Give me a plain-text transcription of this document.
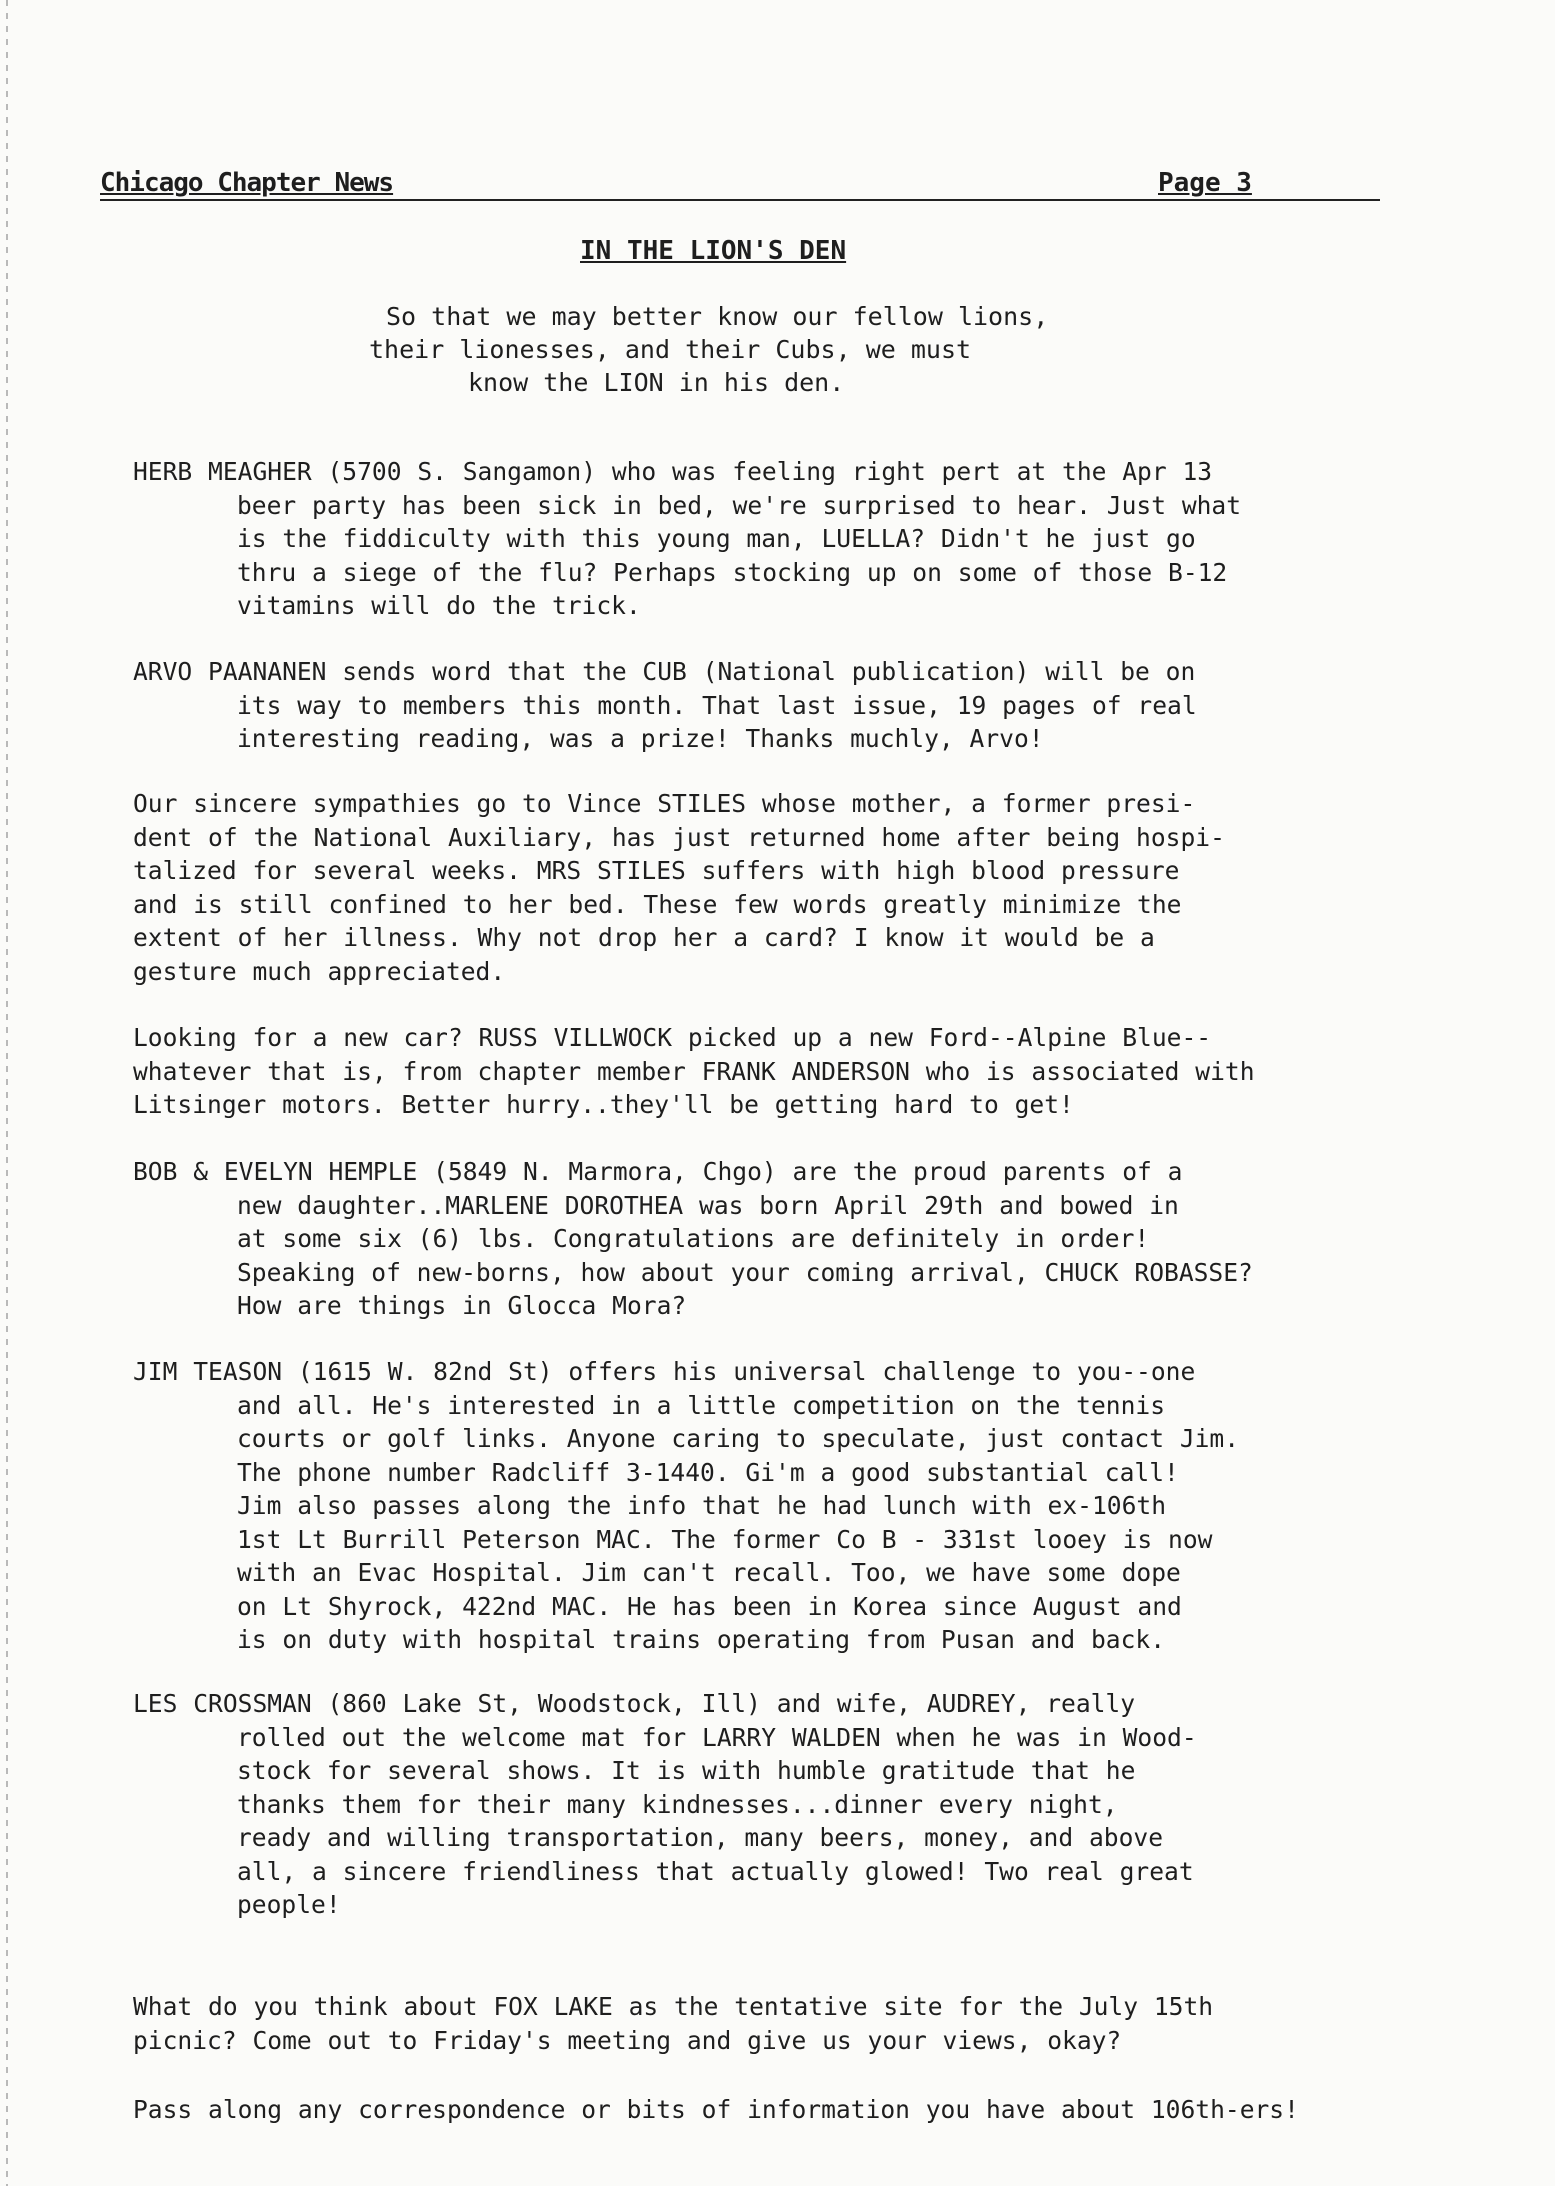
Chicago Chapter News	Page 3
IN THE LION'S DEN

So that we may better know our fellow lions,

their lionesses, and their Cubs, we must

know the LION in his den.

HERB MEAGHER (5700 S. Sangamon) who was feeling right pert at the Apr 13
beer party has been sick in bed, we're surprised to hear. Just what
is the fiddiculty with this young man, LUELLA? Didn't he just go
thru a siege of the flu? Perhaps stocking up on some of those B-12
vitamins will do the trick.
ARVO PAANANEN sends word that the CUB (National publication) will be on
its way to members this month. That last issue, 19 pages of real
interesting reading, was a prize! Thanks muchly, Arvo!
Our sincere sympathies go to Vince STILES whose mother, a former presi-
dent of the National Auxiliary, has just returned home after being hospi-
talized for several weeks. MRS STILES suffers with high blood pressure
and is still confined to her bed. These few words greatly minimize the
extent of her illness. Why not drop her a card? I know it would be a
gesture much appreciated.
Looking for a new car? RUSS VILLWOCK picked up a new Ford--Alpine Blue--
whatever that is, from chapter member FRANK ANDERSON who is associated with
Litsinger motors. Better hurry..they'll be getting hard to get!
BOB & EVELYN HEMPLE (5849 N. Marmora, Chgo) are the proud parents of a
new daughter..MARLENE DOROTHEA was born April 29th and bowed in
at some six (6) lbs. Congratulations are definitely in order!
Speaking of new-borns, how about your coming arrival, CHUCK ROBASSE?
How are things in Glocca Mora?
JIM TEASON (1615 W. 82nd St) offers his universal challenge to you--one
and all. He's interested in a little competition on the tennis
courts or golf links. Anyone caring to speculate, just contact Jim.
The phone number Radcliff 3-1440. Gi'm a good substantial call!
Jim also passes along the info that he had lunch with ex-106th
1st Lt Burrill Peterson MAC. The former Co B - 331st looey is now
with an Evac Hospital. Jim can't recall. Too, we have some dope
on Lt Shyrock, 422nd MAC. He has been in Korea since August and
is on duty with hospital trains operating from Pusan and back.
LES CROSSMAN (860 Lake St, Woodstock, Ill) and wife, AUDREY, really
rolled out the welcome mat for LARRY WALDEN when he was in Wood-
stock for several shows. It is with humble gratitude that he
thanks them for their many kindnesses...dinner every night,
ready and willing transportation, many beers, money, and above
all, a sincere friendliness that actually glowed! Two real great
people!
What do you think about FOX LAKE as the tentative site for the July 15th
picnic? Come out to Friday's meeting and give us your views, okay?
Pass along any correspondence or bits of information you have about 106th-ers!
